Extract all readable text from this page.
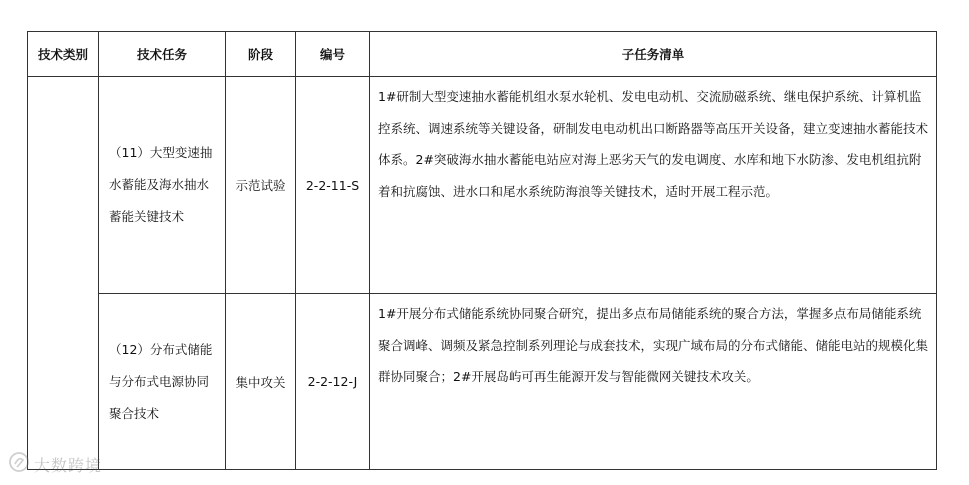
技术类别	技术任务	阶段	编号	子任务清单
	（11）大型变速抽水蓄能及海水抽水蓄能关键技术	示范试验	2-2-11-S	1#研制大型变速抽水蓄能机组水泵水轮机、发电电动机、交流励磁系统、继电保护系统、计算机监控系统、调速系统等关键设备，研制发电电动机出口断路器等高压开关设备，建立变速抽水蓄能技术体系。2#突破海水抽水蓄能电站应对海上恶劣天气的发电调度、水库和地下水防渗、发电机组抗附着和抗腐蚀、进水口和尾水系统防海浪等关键技术，适时开展工程示范。

	（12）分布式储能与分布式电源协同聚合技术	集中攻关	2-2-12-J	1#开展分布式储能系统协同聚合研究，提出多点布局储能系统的聚合方法，掌握多点布局储能系统聚合调峰、调频及紧急控制系列理论与成套技术，实现广域布局的分布式储能、储能电站的规模化集群协同聚合；2#开展岛屿可再生能源开发与智能微网关键技术攻关。
大数跨境
